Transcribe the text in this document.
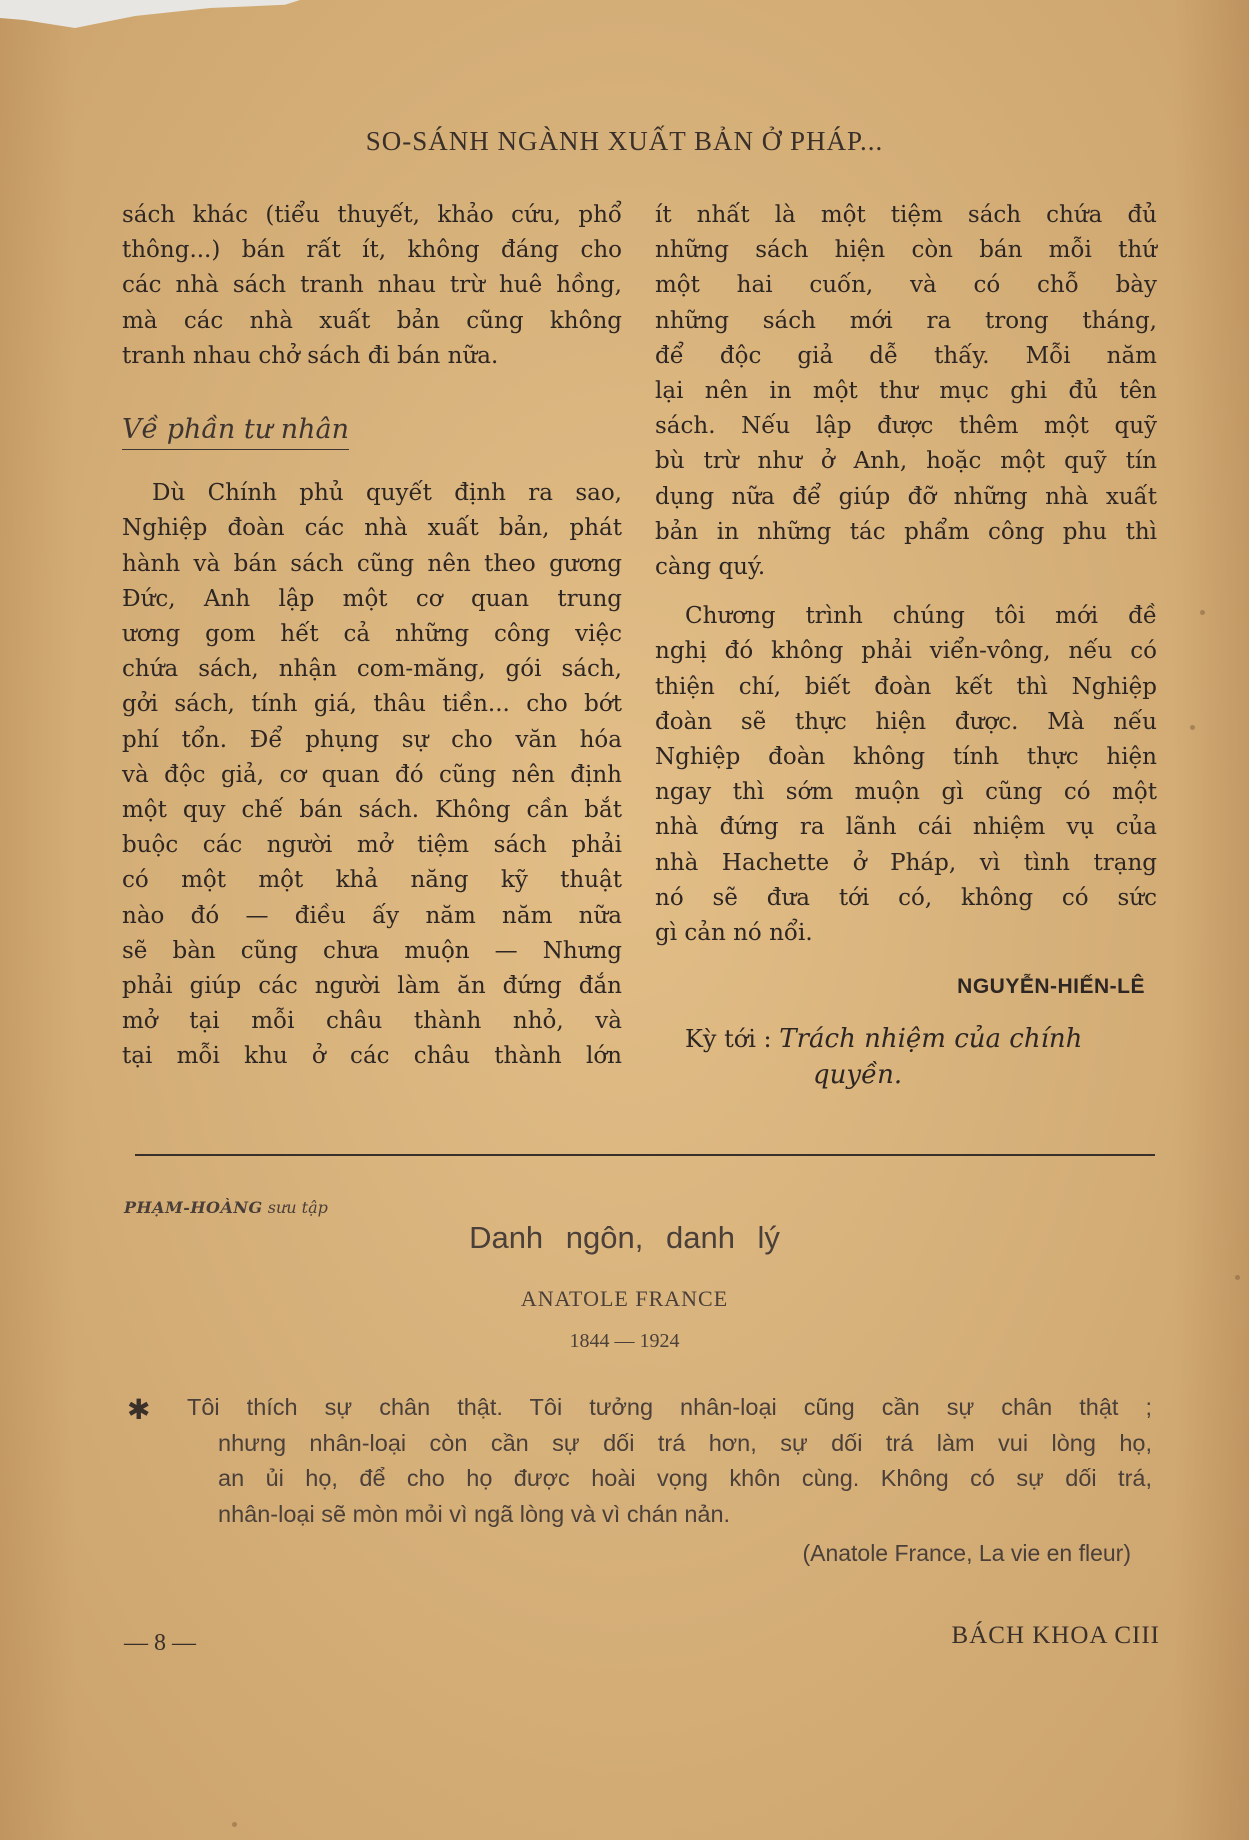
SO-SÁNH NGÀNH XUẤT BẢN Ở PHÁP...
sách khác (tiểu thuyết, khảo cứu, phổ
thông...) bán rất ít, không đáng cho
các nhà sách tranh nhau trừ huê hồng,
mà các nhà xuất bản cũng không
tranh nhau chở sách đi bán nữa.
Về phần tư nhân
Dù Chính phủ quyết định ra sao,
Nghiệp đoàn các nhà xuất bản, phát
hành và bán sách cũng nên theo gương
Đức, Anh lập một cơ quan trung
ương gom hết cả những công việc
chứa sách, nhận com-măng, gói sách,
gởi sách, tính giá, thâu tiền... cho bớt
phí tổn. Để phụng sự cho văn hóa
và độc giả, cơ quan đó cũng nên định
một quy chế bán sách. Không cần bắt
buộc các người mở tiệm sách phải
có một một khả năng kỹ thuật
nào đó — điều ấy năm năm nữa
sẽ bàn cũng chưa muộn — Nhưng
phải giúp các người làm ăn đứng đắn
mở tại mỗi châu thành nhỏ, và
tại mỗi khu ở các châu thành lớn
ít nhất là một tiệm sách chứa đủ
những sách hiện còn bán mỗi thứ
một hai cuốn, và có chỗ bày
những sách mới ra trong tháng,
để độc giả dễ thấy. Mỗi năm
lại nên in một thư mục ghi đủ tên
sách. Nếu lập được thêm một quỹ
bù trừ như ở Anh, hoặc một quỹ tín
dụng nữa để giúp đỡ những nhà xuất
bản in những tác phẩm công phu thì
càng quý.
Chương trình chúng tôi mới đề
nghị đó không phải viển-vông, nếu có
thiện chí, biết đoàn kết thì Nghiệp
đoàn sẽ thực hiện được. Mà nếu
Nghiệp đoàn không tính thực hiện
ngay thì sớm muộn gì cũng có một
nhà đứng ra lãnh cái nhiệm vụ của
nhà Hachette ở Pháp, vì tình trạng
nó sẽ đưa tới có, không có sức
gì cản nó nổi.
NGUYỄN-HIẾN-LÊ
Kỳ tới : Trách nhiệm của chính
quyền.
PHẠM-HOÀNG sưu tập
Danh ngôn, danh lý
ANATOLE FRANCE
1844 — 1924
✱ Tôi thích sự chân thật. Tôi tưởng nhân-loại cũng cần sự chân thật ;
nhưng nhân-loại còn cần sự dối trá hơn, sự dối trá làm vui lòng họ,
an ủi họ, để cho họ được hoài vọng khôn cùng. Không có sự dối trá,
nhân-loại sẽ mòn mỏi vì ngã lòng và vì chán nản.
(Anatole France, La vie en fleur)
— 8 —	BÁCH KHOA CIII
